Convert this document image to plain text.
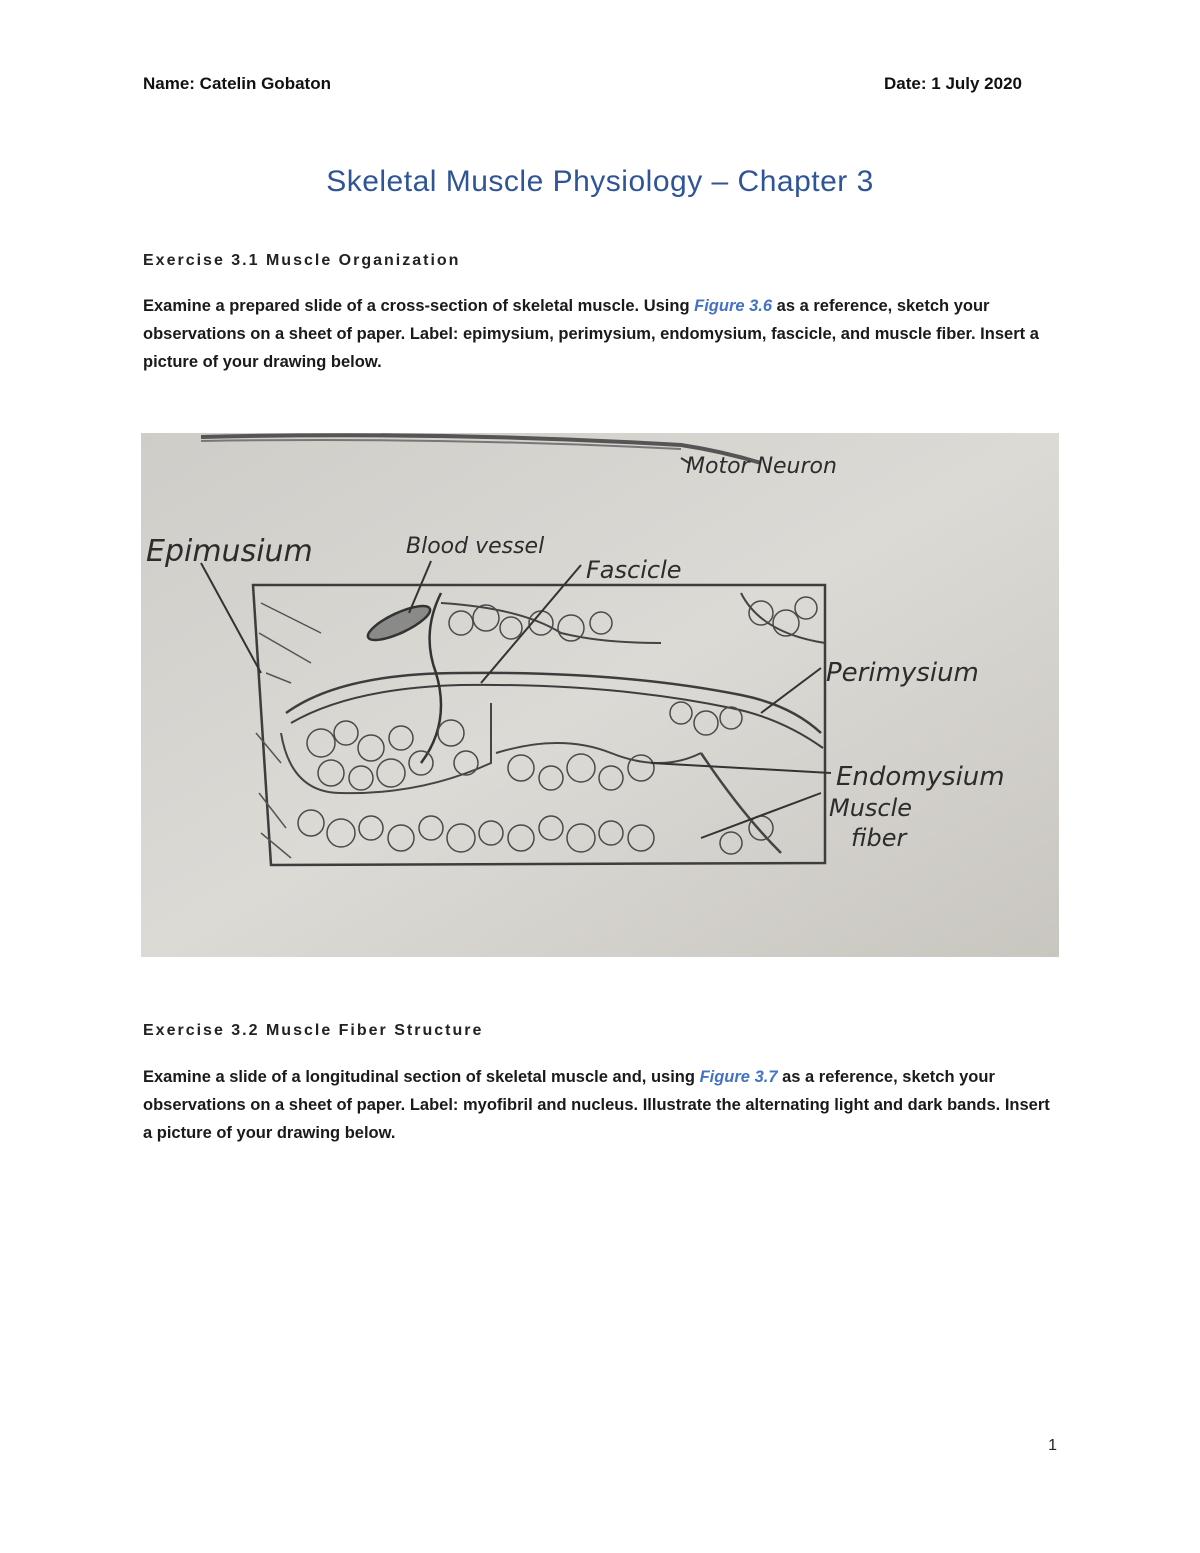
Name: Catelin Gobaton	Date: 1 July 2020
Skeletal Muscle Physiology – Chapter 3
Exercise 3.1 Muscle Organization
Examine a prepared slide of a cross-section of skeletal muscle. Using Figure 3.6 as a reference, sketch your observations on a sheet of paper. Label: epimysium, perimysium, endomysium, fascicle, and muscle fiber. Insert a picture of your drawing below.
Motor Neuron
Epimusium	Blood vessel
Fascicle
Perimysium
Endomysium
Muscle
fiber
Exercise 3.2 Muscle Fiber Structure
Examine a slide of a longitudinal section of skeletal muscle and, using Figure 3.7 as a reference, sketch your observations on a sheet of paper. Label: myofibril and nucleus. Illustrate the alternating light and dark bands. Insert a picture of your drawing below.
1
